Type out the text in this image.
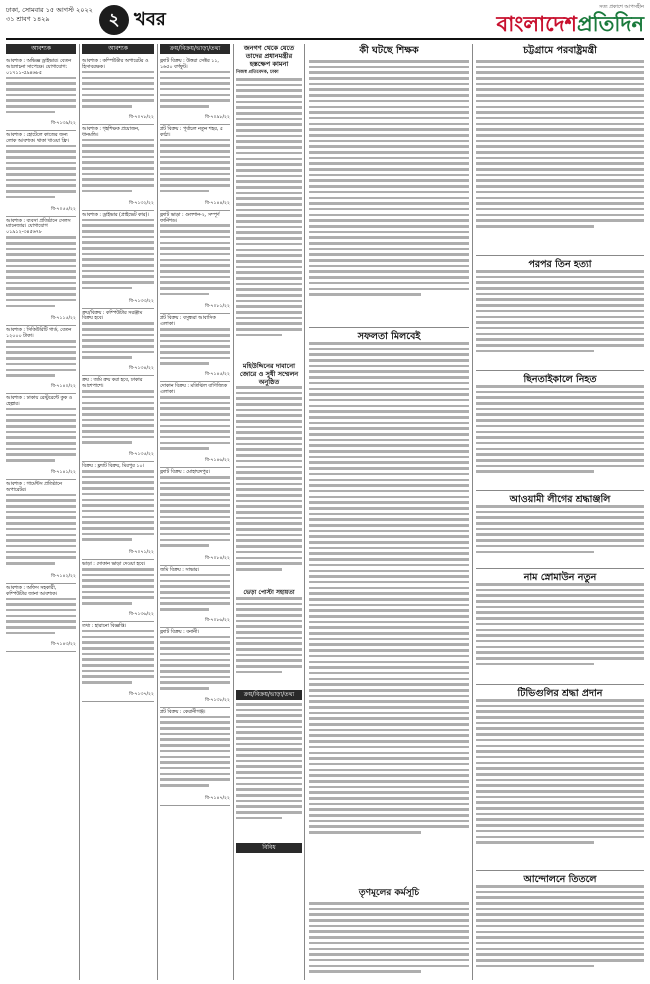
ঢাকা, সোমবার ১৫ আগস্ট ২০২২
৩১ শ্রাবণ ১৪২৯	২ খবর
সত্য প্রকাশে আপসহীন
বাংলাদেশপ্রতিদিন
আবশ্যক

আবশ্যক : অভিজ্ঞ ড্রাইভার। বেতন আলোচনা সাপেক্ষে। যোগাযোগ: ০১৭১১-৫৯৪৬৮৫

বি-৭১৩৯/২২

আবশ্যক : হোটেলে কাজের জন্য লোক আবশ্যক। থাকা খাওয়া ফ্রি।

বি-৭০৫৫/২২

আবশ্যক : ব্যবসা প্রতিষ্ঠানে সেলস ম্যানেজার। যোগাযোগ ০১৯১২-৩৪৫৬৭৮

বি-৭১১৫/২২

আবশ্যক : সিকিউরিটি গার্ড, বেতন ১২০০০ টাকা।

বি-৭১৪০/২২

আবশ্যক : ঢাকায় রেস্টুরেন্টে কুক ও হেল্পার।

বি-৭১৪১/২২

আবশ্যক : গার্মেন্টস প্রতিষ্ঠানে অপারেটর।

বি-৭১৪২/২২

আবশ্যক : অফিস সহকারী, কম্পিউটার জানা আবশ্যক।

বি-৭১৪৩/২২
আবশ্যক

আবশ্যক : কম্পিউটার অপারেটর ও হিসাবরক্ষক।

বি-৭০৭৮/২২

আবশ্যক : গৃহশিক্ষক প্রয়োজন, ধানমন্ডি।

বি-৭১৩২/২২

আবশ্যক : ড্রাইভার (প্রাইভেট কার)।

বি-৭১৩৩/২২

ক্রয়/বিক্রয় : কম্পিউটার সরঞ্জাম বিক্রয় হবে।

বি-৭১৩৪/২২

ক্রয় : জমি ক্রয় করা হবে, ঢাকার আশেপাশে।

বি-৭১৩৫/২২

বিক্রয় : ফ্ল্যাট বিক্রয়, মিরপুর ১০।

বি-৭০৭১/২২

ভাড়া : দোকান ভাড়া দেওয়া হবে।

বি-৭১৩৬/২২

তথ্য : হারানো বিজ্ঞপ্তি।

বি-৭১৩৭/২২
ক্রয়/বিক্রয়/ভাড়া/তথ্য

ফ্ল্যাট বিক্রয় : উত্তরা সেক্টর ১১, ১৬৫০ বর্গফুট।

বি-৭০৯৮/২২

প্লট বিক্রয় : পূর্বাচল নতুন শহর, ৫ কাঠা।

বি-৭১৪৪/২২

ফ্ল্যাট ভাড়া : গুলশান-২, সম্পূর্ণ ফার্নিশড।

বি-৭০৮১/২২

প্লট বিক্রয় : বসুন্ধরা আবাসিক এলাকা।

বি-৭১৪৫/২২

দোকান বিক্রয় : মতিঝিল বাণিজ্যিক এলাকা।

বি-৭১৪৬/২২

ফ্ল্যাট বিক্রয় : মোহাম্মদপুর।

বি-৭০৮৪/২২

জমি বিক্রয় : সাভার।

বি-৭০৮৬/২২

ফ্ল্যাট বিক্রয় : বনানী।

বি-৭১৩৮/২২

প্লট বিক্রয় : কেরানীগঞ্জ।

বি-৭১৪৭/২২
জনগণ থেকে যেতে তাদের প্রধানমন্ত্রীর হস্তক্ষেপ কামনা

নিজস্ব প্রতিবেদক, ঢাকা

মহিউদ্দিনের দাবানো জোরে ও সুধী সম্মেলন অনুষ্ঠিত
ভেড়া পোস্টা সহায়তা
ক্রয়/বিক্রয়/ভাড়া/তথ্য
বিবিধ
কী ঘটছে শিক্ষক
সফলতা মিলবেই
তৃণমূলের কর্মসূচি
চট্টগ্রামে পরবাষ্ট্রমন্ত্রী
পরপর তিন হত্যা
ছিনতাইকালে নিহত
আওয়ামী লীগের শ্রদ্ধাঞ্জলি
নাম স্নোমাউন নতুন
টিভিগুলির শ্রদ্ধা প্রদান
আন্দোলনে তিতলে
